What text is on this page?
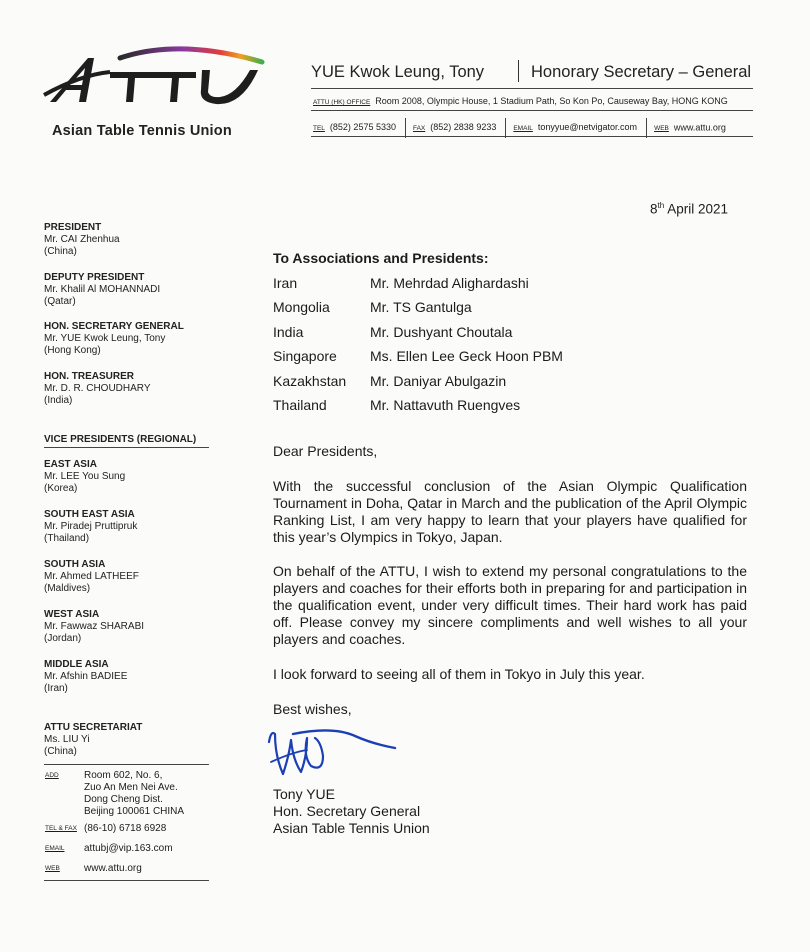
Asian Table Tennis Union
YUE Kwok Leung, Tony	Honorary Secretary – General
ATTU (HK) OFFICE Room 2008, Olympic House, 1 Stadium Path, So Kon Po, Causeway Bay, HONG KONG
TEL (852) 2575 5330	FAX (852) 2838 9233	EMAIL tonyyue@netvigator.com	WEB www.attu.org
PRESIDENT
Mr. CAI Zhenhua
(China)
DEPUTY PRESIDENT
Mr. Khalil Al MOHANNADI
(Qatar)
HON. SECRETARY GENERAL
Mr. YUE Kwok Leung, Tony
(Hong Kong)
HON. TREASURER
Mr. D. R. CHOUDHARY
(India)
VICE PRESIDENTS (REGIONAL)
EAST ASIA
Mr. LEE You Sung
(Korea)
SOUTH EAST ASIA
Mr. Piradej Pruttipruk
(Thailand)
SOUTH ASIA
Mr. Ahmed LATHEEF
(Maldives)
WEST ASIA
Mr. Fawwaz SHARABI
(Jordan)
MIDDLE ASIA
Mr. Afshin BADIEE
(Iran)
ATTU SECRETARIAT
Ms. LIU Yi
(China)
ADD	Room 602, No. 6,
Zuo An Men Nei Ave.
Dong Cheng Dist.
Beijing 100061 CHINA
TEL & FAX (86-10) 6718 6928
EMAIL attubj@vip.163.com
WEB www.attu.org
8th April 2021
To Associations and Presidents:
Iran	Mr. Mehrdad Alighardashi
Mongolia	Mr. TS Gantulga
India	Mr. Dushyant Choutala
Singapore Ms. Ellen Lee Geck Hoon PBM
Kazakhstan Mr. Daniyar Abulgazin
Thailand	Mr. Nattavuth Ruengves
Dear Presidents,
With the successful conclusion of the Asian Olympic Qualification Tournament in Doha, Qatar in March and the publication of the April Olympic Ranking List, I am very happy to learn that your players have qualified for this year’s Olympics in Tokyo, Japan.
On behalf of the ATTU, I wish to extend my personal congratulations to the players and coaches for their efforts both in preparing for and participation in the qualification event, under very difficult times. Their hard work has paid off. Please convey my sincere compliments and well wishes to all your players and coaches.
I look forward to seeing all of them in Tokyo in July this year.
Best wishes,
Tony YUE
Hon. Secretary General
Asian Table Tennis Union
